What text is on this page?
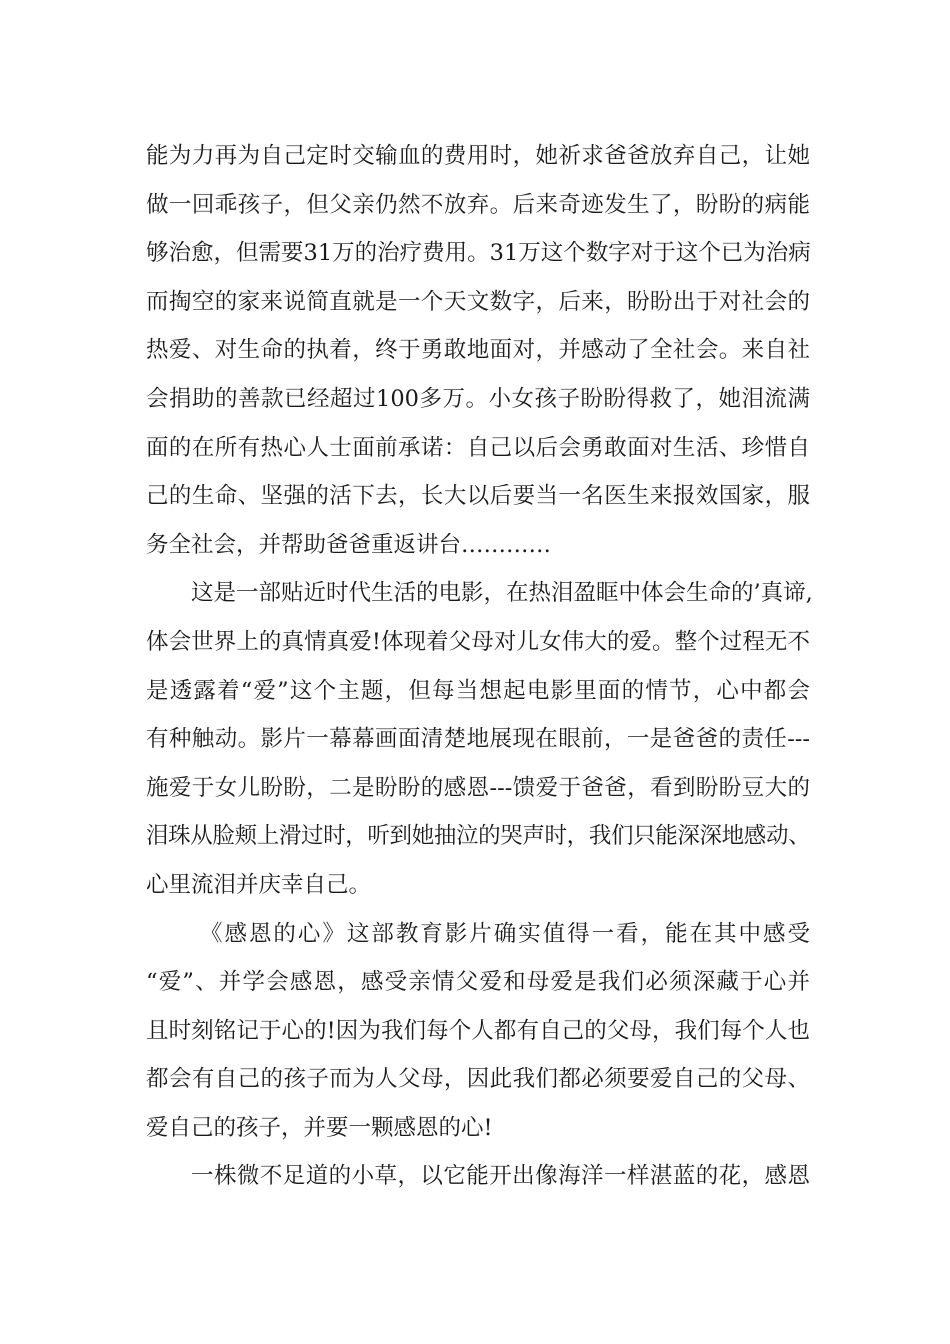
能为力再为自己定时交输血的费用时，她祈求爸爸放弃自己，让她
做一回乖孩子，但父亲仍然不放弃。后来奇迹发生了，盼盼的病能
够治愈，但需要31万的治疗费用。31万这个数字对于这个已为治病
而掏空的家来说简直就是一个天文数字，后来，盼盼出于对社会的
热爱、对生命的执着，终于勇敢地面对，并感动了全社会。来自社
会捐助的善款已经超过100多万。小女孩子盼盼得救了，她泪流满
面的在所有热心人士面前承诺：自己以后会勇敢面对生活、珍惜自
己的生命、坚强的活下去，长大以后要当一名医生来报效国家，服
务全社会，并帮助爸爸重返讲台…………
这是一部贴近时代生活的电影，在热泪盈眶中体会生命的’真谛,
体会世界上的真情真爱!体现着父母对儿女伟大的爱。整个过程无不
是透露着“爱”这个主题，但每当想起电影里面的情节，心中都会
有种触动。影片一幕幕画面清楚地展现在眼前，一是爸爸的责任---
施爱于女儿盼盼，二是盼盼的感恩---馈爱于爸爸，看到盼盼豆大的
泪珠从脸颊上滑过时，听到她抽泣的哭声时，我们只能深深地感动、
心里流泪并庆幸自己。
《感恩的心》这部教育影片确实值得一看，能在其中感受
“爱”、并学会感恩，感受亲情父爱和母爱是我们必须深藏于心并
且时刻铭记于心的!因为我们每个人都有自己的父母，我们每个人也
都会有自己的孩子而为人父母，因此我们都必须要爱自己的父母、
爱自己的孩子，并要一颗感恩的心!
一株微不足道的小草，以它能开出像海洋一样湛蓝的花，感恩
